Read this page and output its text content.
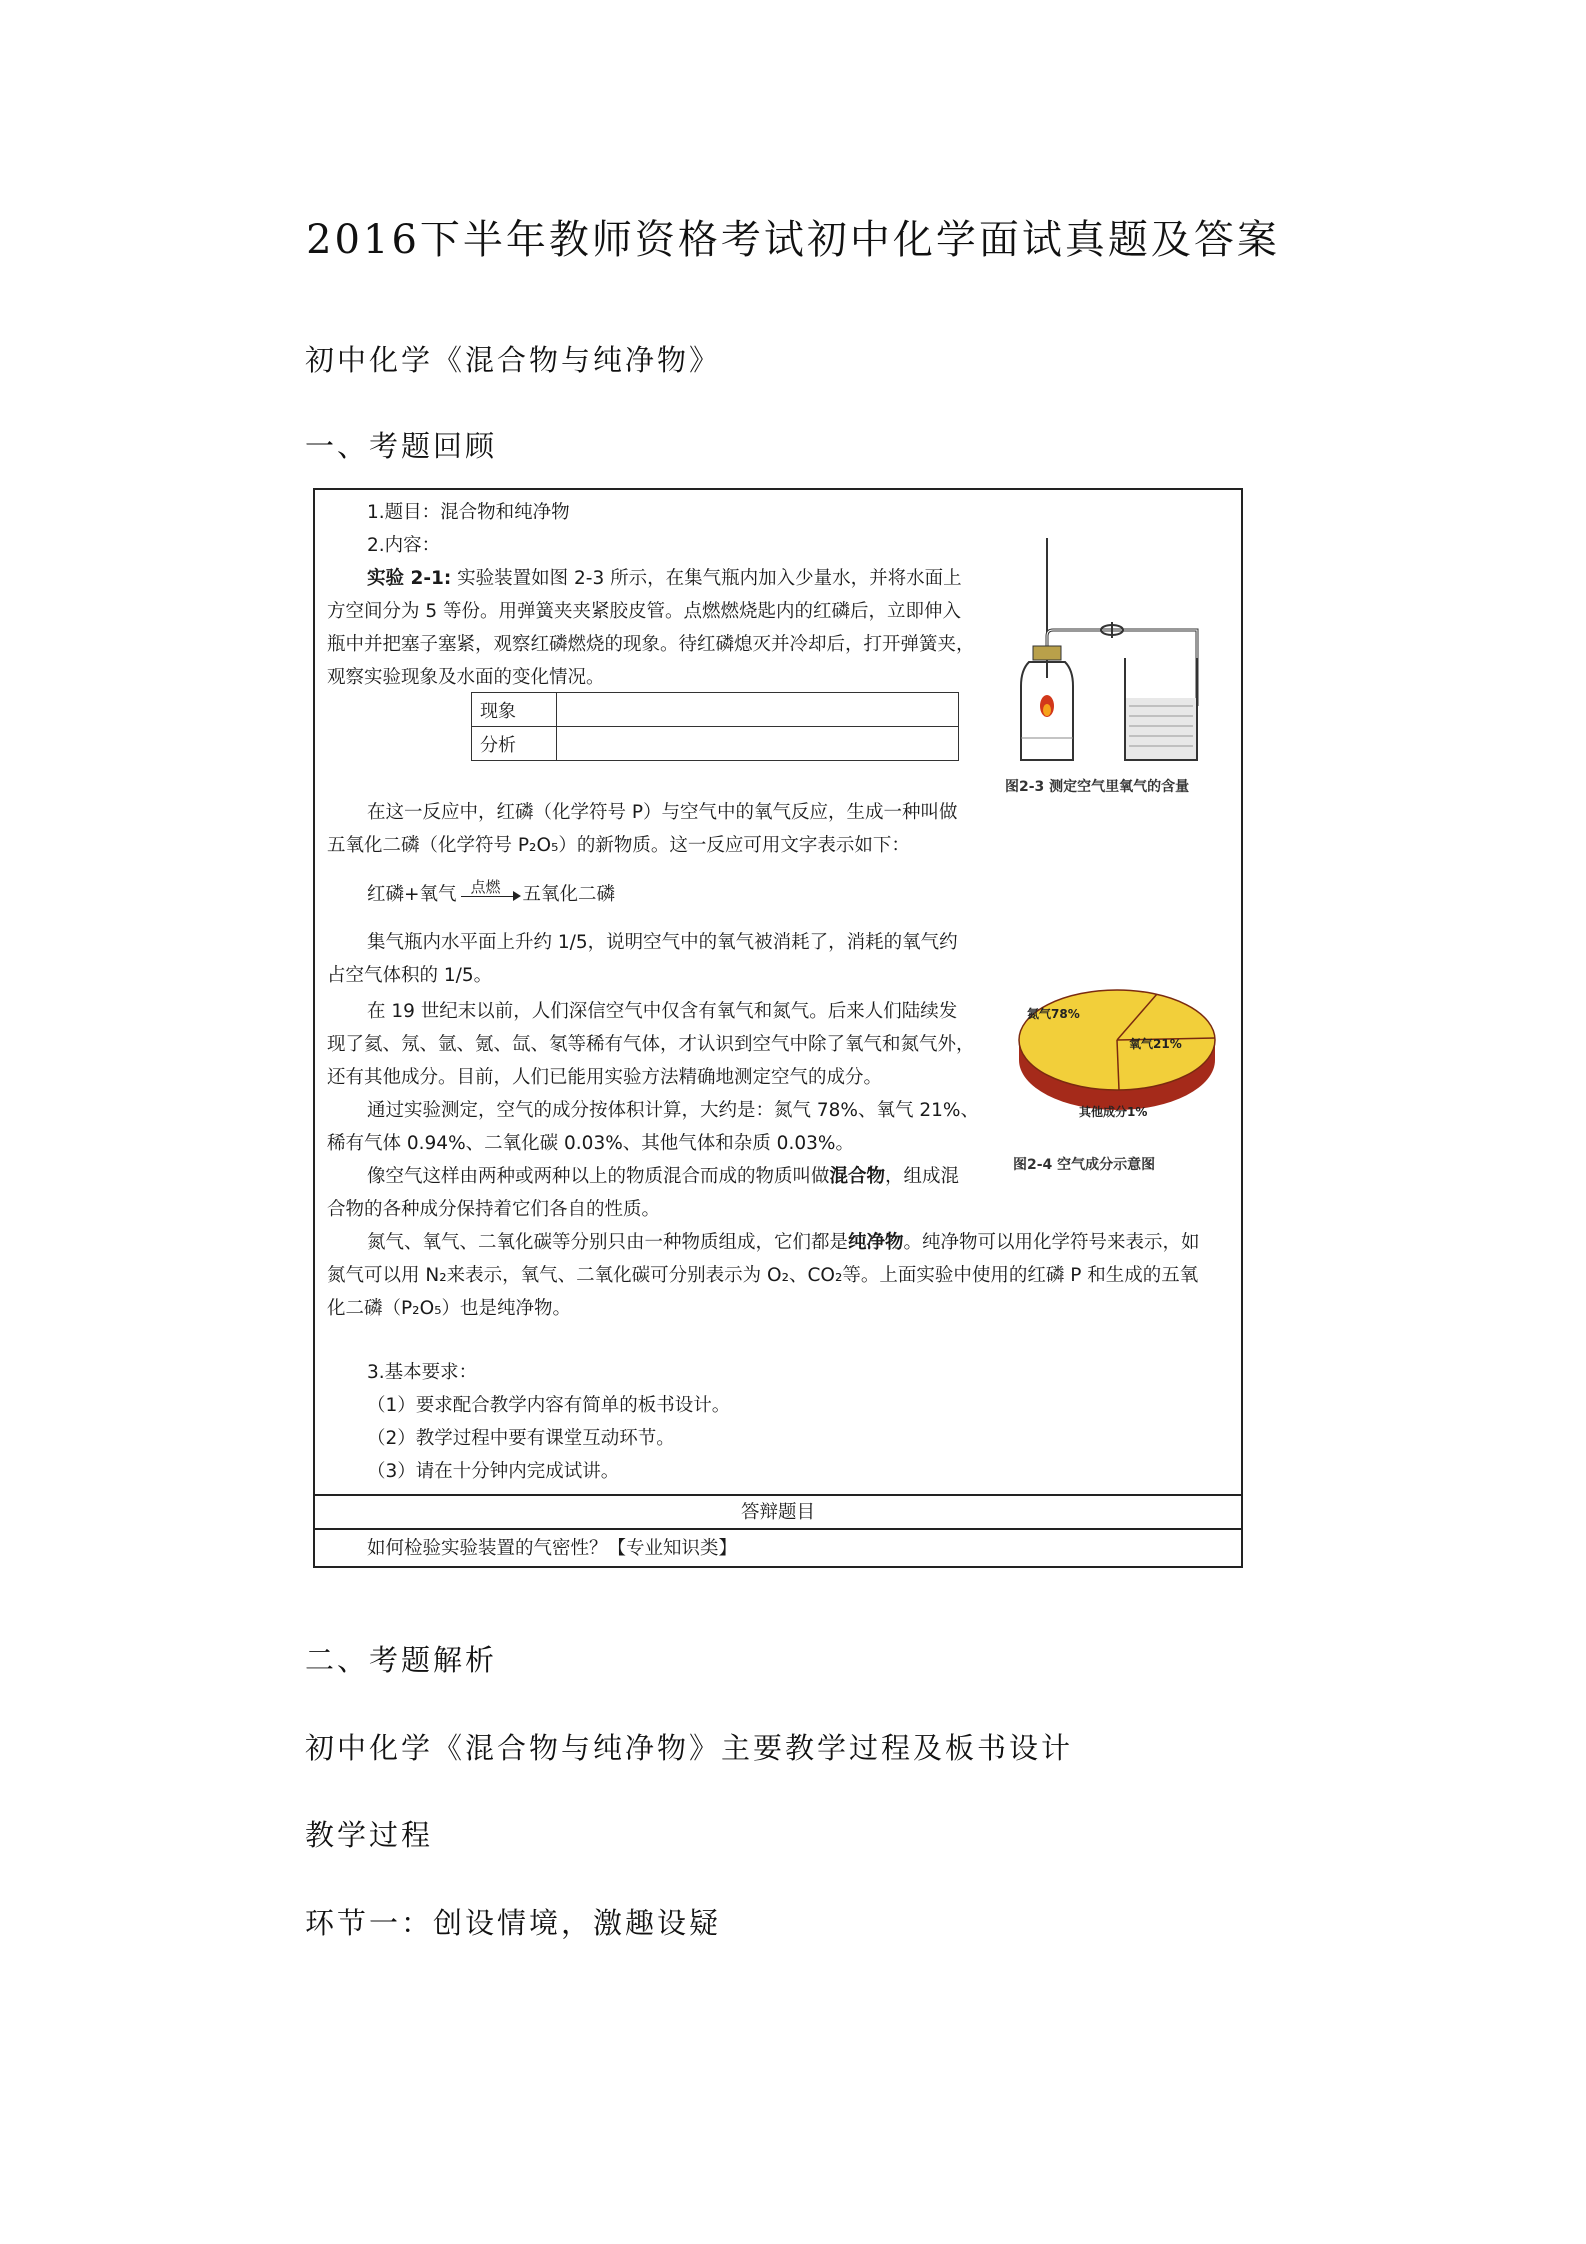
2016下半年教师资格考试初中化学面试真题及答案

初中化学《混合物与纯净物》

一、考题回顾

1.题目：混合物和纯净物

2.内容：

实验 2-1: 实验装置如图 2-3 所示，在集气瓶内加入少量水，并将水面上

方空间分为 5 等份。用弹簧夹夹紧胶皮管。点燃燃烧匙内的红磷后，立即伸入

瓶中并把塞子塞紧，观察红磷燃烧的现象。待红磷熄灭并冷却后，打开弹簧夹，

观察实验现象及水面的变化情况。

现象	
分析	

图2-3 测定空气里氧气的含量

在这一反应中，红磷（化学符号 P）与空气中的氧气反应，生成一种叫做

五氧化二磷（化学符号 P₂O₅）的新物质。这一反应可用文字表示如下：

红磷+氧气 点燃 五氧化二磷

集气瓶内水平面上升约 1/5，说明空气中的氧气被消耗了，消耗的氧气约

占空气体积的 1/5。

在 19 世纪末以前，人们深信空气中仅含有氧气和氮气。后来人们陆续发

现了氦、氖、氩、氪、氙、氡等稀有气体，才认识到空气中除了氧气和氮气外，

还有其他成分。目前，人们已能用实验方法精确地测定空气的成分。

通过实验测定，空气的成分按体积计算，大约是：氮气 78%、氧气 21%、

稀有气体 0.94%、二氧化碳 0.03%、其他气体和杂质 0.03%。

氮气78%
氧气21%
其他成分1%

图2-4 空气成分示意图

像空气这样由两种或两种以上的物质混合而成的物质叫做混合物，组成混

合物的各种成分保持着它们各自的性质。

氮气、氧气、二氧化碳等分别只由一种物质组成，它们都是纯净物。纯净物可以用化学符号来表示，如

氮气可以用 N₂来表示，氧气、二氧化碳可分别表示为 O₂、CO₂等。上面实验中使用的红磷 P 和生成的五氧

化二磷（P₂O₅）也是纯净物。

3.基本要求：

（1）要求配合教学内容有简单的板书设计。

（2）教学过程中要有课堂互动环节。

（3）请在十分钟内完成试讲。

答辩题目

如何检验实验装置的气密性？【专业知识类】

二、考题解析

初中化学《混合物与纯净物》主要教学过程及板书设计

教学过程

环节一：创设情境，激趣设疑
